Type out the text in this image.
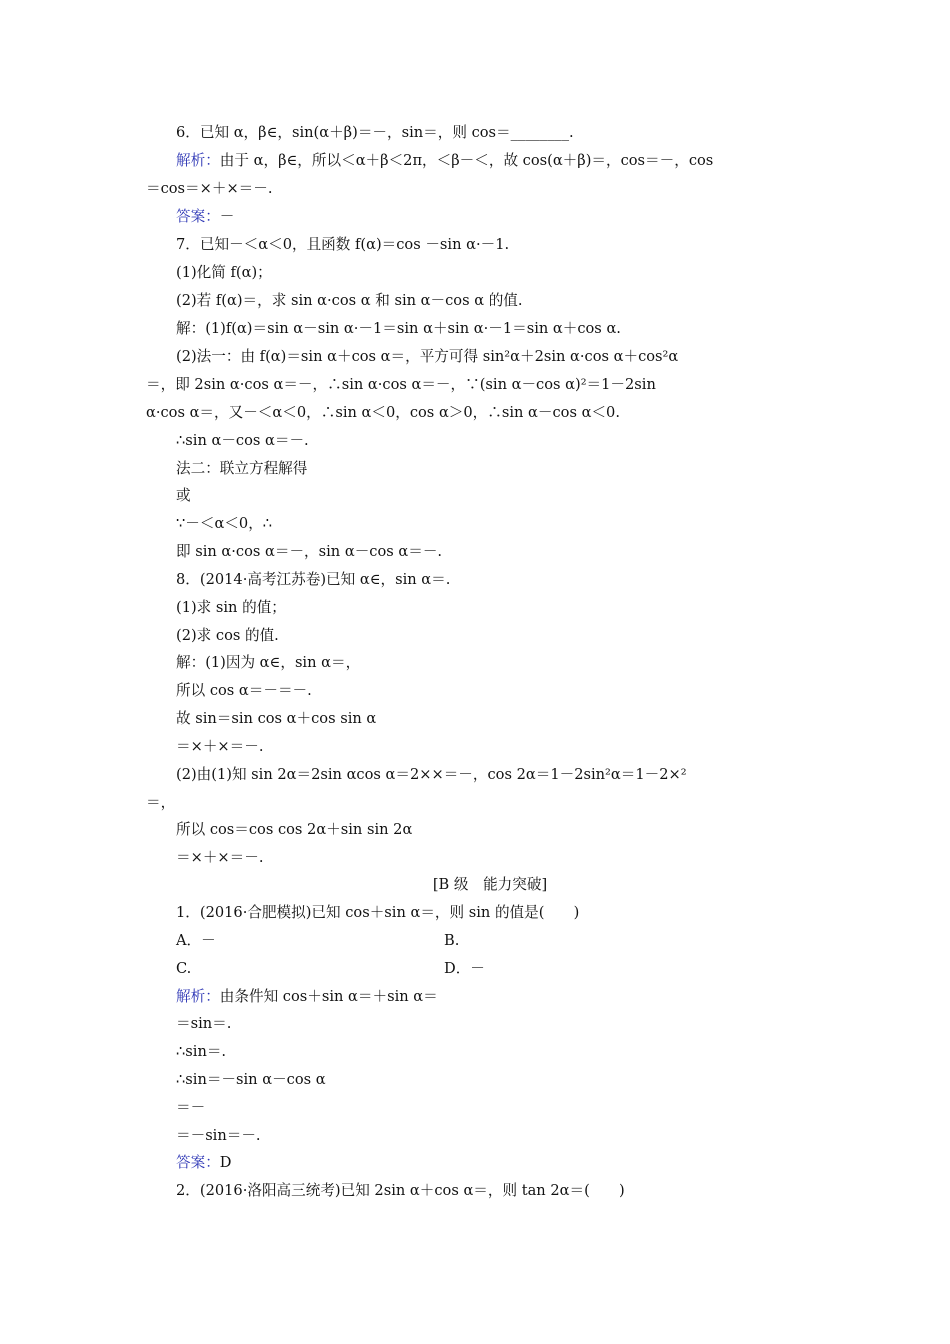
6．已知 α，β∈，sin(α＋β)＝－，sin＝，则 cos＝________.
解析：由于 α，β∈，所以＜α＋β＜2π，＜β－＜，故 cos(α＋β)＝，cos＝－，cos
＝cos＝×＋×＝－.
答案：－
7．已知－＜α＜0，且函数 f(α)＝cos －sin α·－1.
(1)化简 f(α)；
(2)若 f(α)＝，求 sin α·cos α 和 sin α－cos α 的值.
解：(1)f(α)＝sin α－sin α·－1＝sin α＋sin α·－1＝sin α＋cos α.
(2)法一：由 f(α)＝sin α＋cos α＝，平方可得 sin²α＋2sin α·cos α＋cos²α
＝，即 2sin α·cos α＝－，∴sin α·cos α＝－，∵(sin α－cos α)²＝1－2sin
α·cos α＝，又－＜α＜0，∴sin α＜0，cos α＞0，∴sin α－cos α＜0.
∴sin α－cos α＝－.
法二：联立方程解得
或
∵－＜α＜0，∴
即 sin α·cos α＝－，sin α－cos α＝－.
8．(2014·高考江苏卷)已知 α∈，sin α＝.
(1)求 sin 的值；
(2)求 cos 的值.
解：(1)因为 α∈，sin α＝，
所以 cos α＝－＝－.
故 sin＝sin cos α＋cos sin α
＝×＋×＝－.
(2)由(1)知 sin 2α＝2sin αcos α＝2××＝－，cos 2α＝1－2sin²α＝1－2×²
＝，
所以 cos＝cos cos 2α＋sin sin 2α
＝×＋×＝－.
[B 级　能力突破]
1．(2016·合肥模拟)已知 cos＋sin α＝，则 sin 的值是(　　)
A．－	B.
C.	D．－
解析：由条件知 cos＋sin α＝＋sin α＝
＝sin＝.
∴sin＝.
∴sin＝－sin α－cos α
＝－
＝－sin＝－.
答案：D
2．(2016·洛阳高三统考)已知 2sin α＋cos α＝，则 tan 2α＝(　　)
